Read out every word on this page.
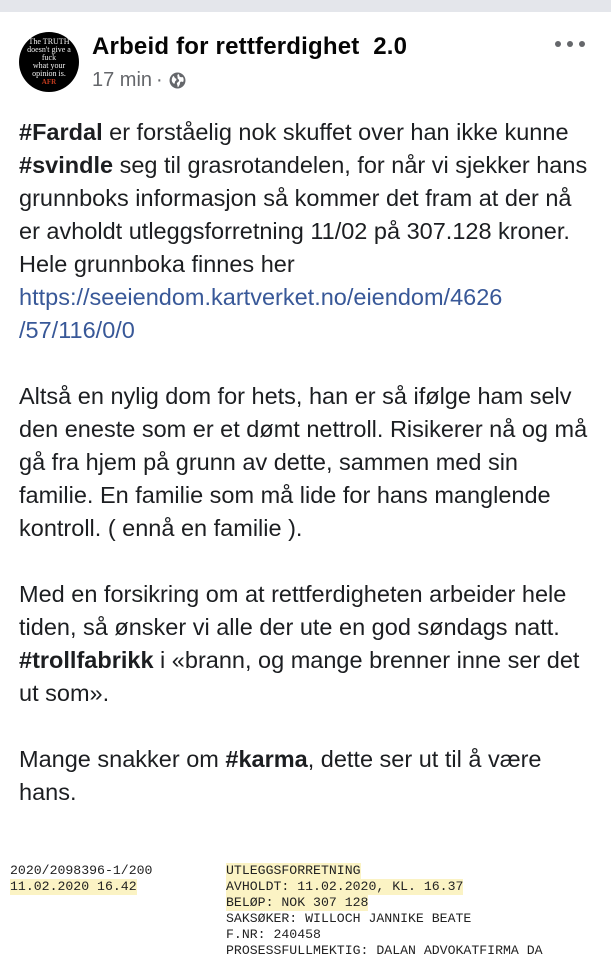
The TRUTH
doesn't give a
fuck
what your
opinion is.
AFR
Arbeid for rettferdighet  2.0
17 min ·

#Fardal er forståelig nok skuffet over han ikke kunne #svindle seg til grasrotandelen, for når vi sjekker hans grunnboks informasjon så kommer det fram at der nå er avholdt utleggsforretning 11/02 på 307.128 kroner.

Hele grunnboka finnes her

https://seeiendom.kartverket.no/eiendom/4626
/57/116/0/0

Altså en nylig dom for hets, han er så ifølge ham selv den eneste som er et dømt nettroll. Risikerer nå og må gå fra hjem på grunn av dette, sammen med sin familie. En familie som må lide for hans manglende kontroll. ( ennå en familie ).

Med en forsikring om at rettferdigheten arbeider hele tiden, så ønsker vi alle der ute en god søndags natt. #trollfabrikk i «brann, og mange brenner inne ser det ut som».

Mange snakker om #karma, dette ser ut til å være hans.

2020/2098396-1/200
11.02.2020 16.42
UTLEGGSFORRETNING
AVHOLDT: 11.02.2020, KL. 16.37
BELØP: NOK 307 128
SAKSØKER: WILLOCH JANNIKE BEATE
F.NR: 240458
PROSESSFULLMEKTIG: DALAN ADVOKATFIRMA DA
